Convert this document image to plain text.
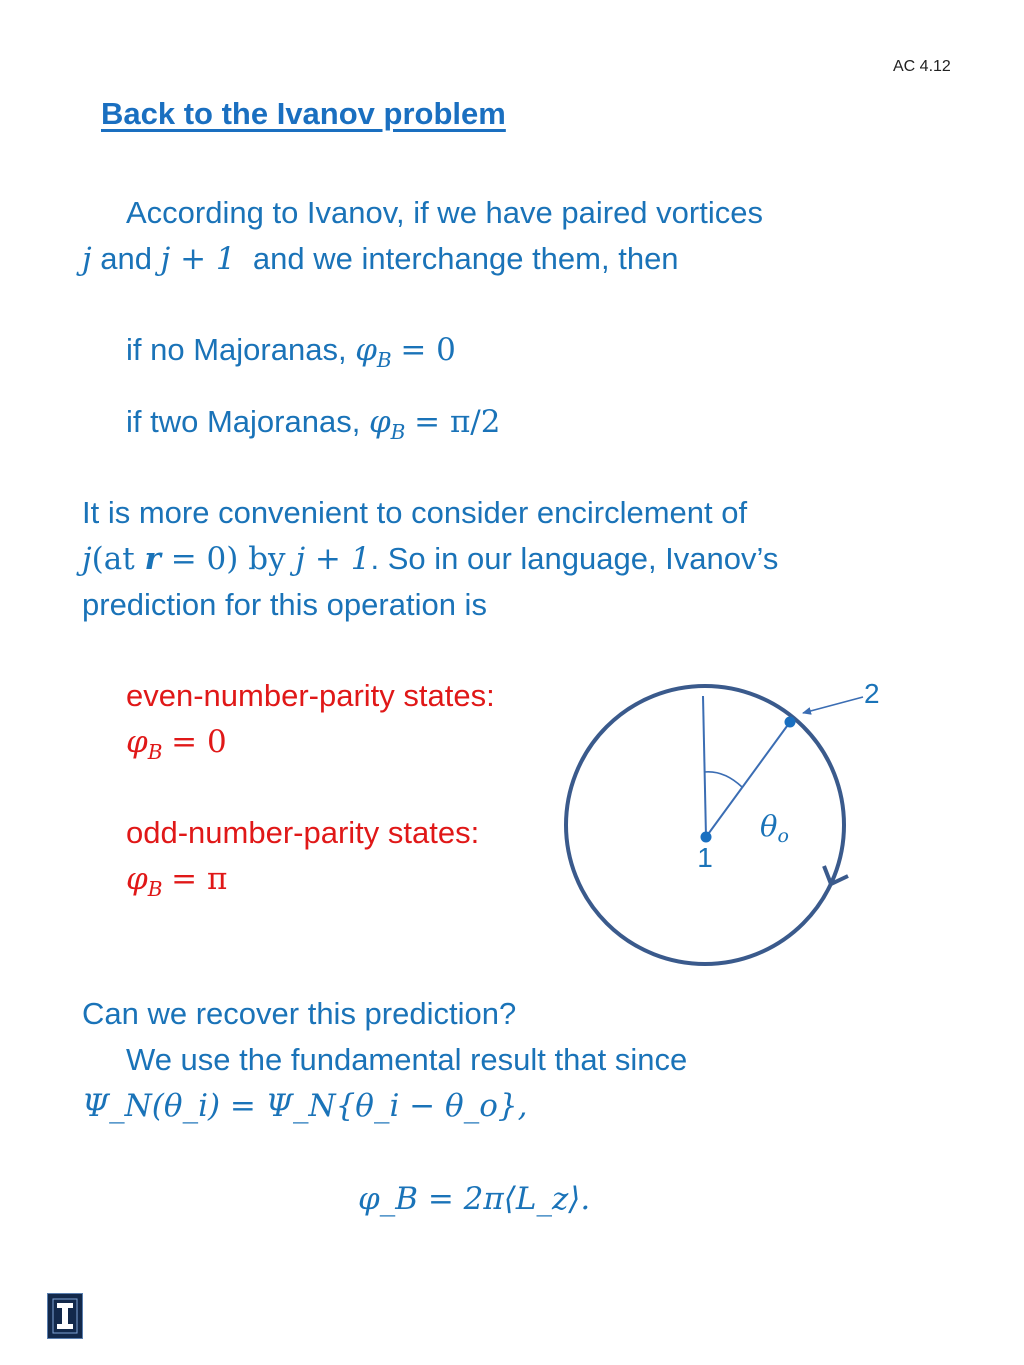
AC 4.12
Back to the Ivanov problem
According to Ivanov, if we have paired vortices
j and j + 1 and we interchange them, then
if no Majoranas, $\varphi_B = 0$
if two Majoranas, $\varphi_B = \pi/2$
It is more convenient to consider encirclement of
j(at r = 0) by j + 1. So in our language, Ivanov’s
prediction for this operation is
even-number-parity states:
$\varphi_B = 0$
odd-number-parity states:
$\varphi_B = \pi$
2
1
$\theta_o$
Can we recover this prediction?
We use the fundamental result that since
Ψ_N(θ_i) = Ψ_N{θ_i − θ_o},
φ_B = 2π⟨L_z⟩.
